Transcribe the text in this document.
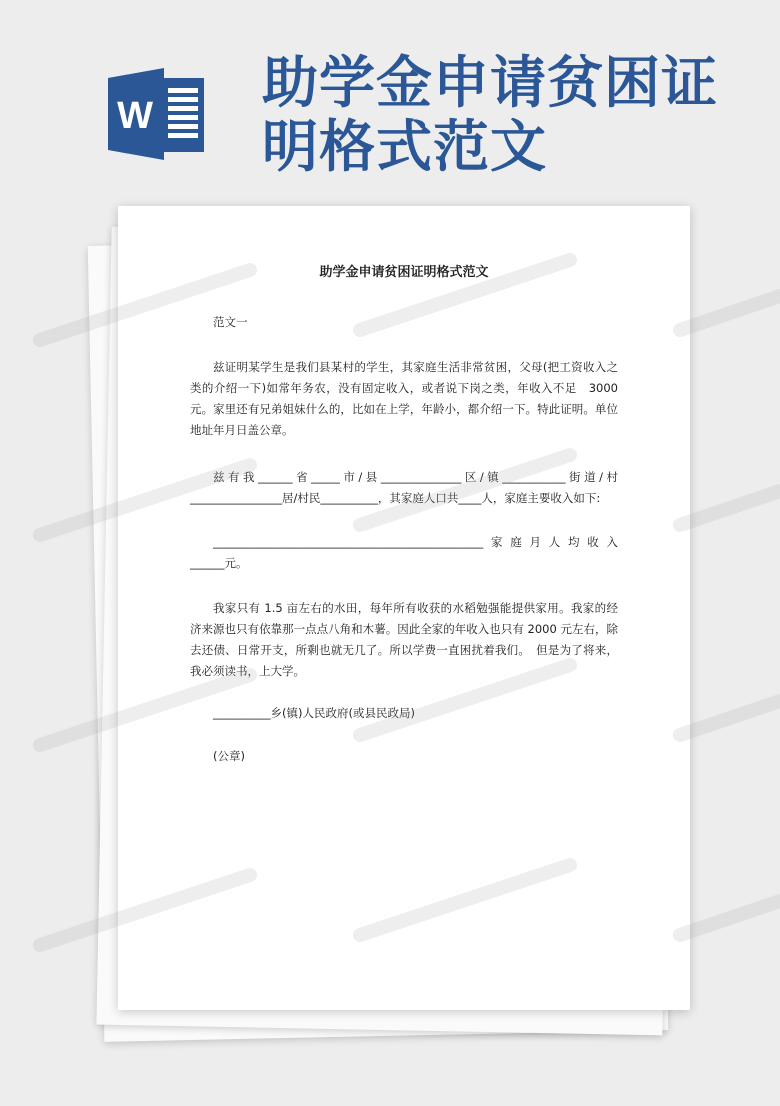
W 助学金申请贫困证
明格式范文
助学金申请贫困证明格式范文
范文一
兹证明某学生是我们县某村的学生，其家庭生活非常贫困，父母(把工资收入之类的介绍一下)如常年务农，没有固定收入，或者说下岗之类，年收入不足　3000　元。家里还有兄弟姐妹什么的，比如在上学，年龄小，都介绍一下。特此证明。单位地址年月日盖公章。
兹有我______省_____市/县______________区/镇___________街道/村
________________居/村民__________，其家庭人口共____人，家庭主要收入如下:
_______________________________________________家庭月人均收入
______元。
我家只有 1.5 亩左右的水田，每年所有收获的水稻勉强能提供家用。我家的经济来源也只有依靠那一点点八角和木薯。因此全家的年收入也只有 2000 元左右，除去还债、日常开支，所剩也就无几了。所以学费一直困扰着我们。　但是为了将来，我必须读书，上大学。
__________乡(镇)人民政府(或县民政局)
(公章)
